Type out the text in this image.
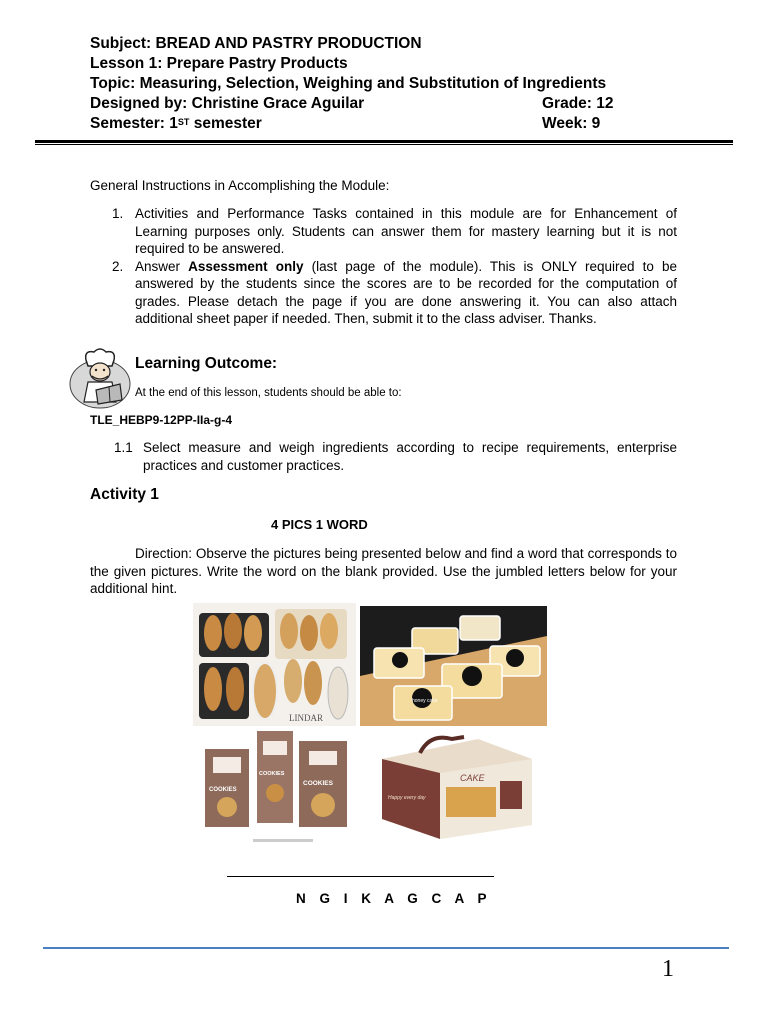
Subject: BREAD AND PASTRY PRODUCTION
Lesson 1: Prepare Pastry Products
Topic: Measuring, Selection, Weighing and Substitution of Ingredients
Designed by: Christine Grace Aguilar	Grade: 12
Semester: 1ST semester	Week: 9
General Instructions in Accomplishing the Module:
1. Activities and Performance Tasks contained in this module are for Enhancement of Learning purposes only. Students can answer them for mastery learning but it is not required to be answered.
2. Answer Assessment only (last page of the module). This is ONLY required to be answered by the students since the scores are to be recorded for the computation of grades. Please detach the page if you are done answering it. You can also attach additional sheet paper if needed. Then, submit it to the class adviser. Thanks.
Learning Outcome:
At the end of this lesson, students should be able to:
TLE_HEBP9-12PP-IIa-g-4
1.1 Select measure and weigh ingredients according to recipe requirements, enterprise practices and customer practices.
Activity 1
4 PICS 1 WORD
Direction: Observe the pictures being presented below and find a word that corresponds to the given pictures. Write the word on the blank provided. Use the jumbled letters below for your additional hint.
LINDAR
honey cake
COOKIES
COOKIES
COOKIES
CAKE
Happy every day
N G I K A G C A P
1
